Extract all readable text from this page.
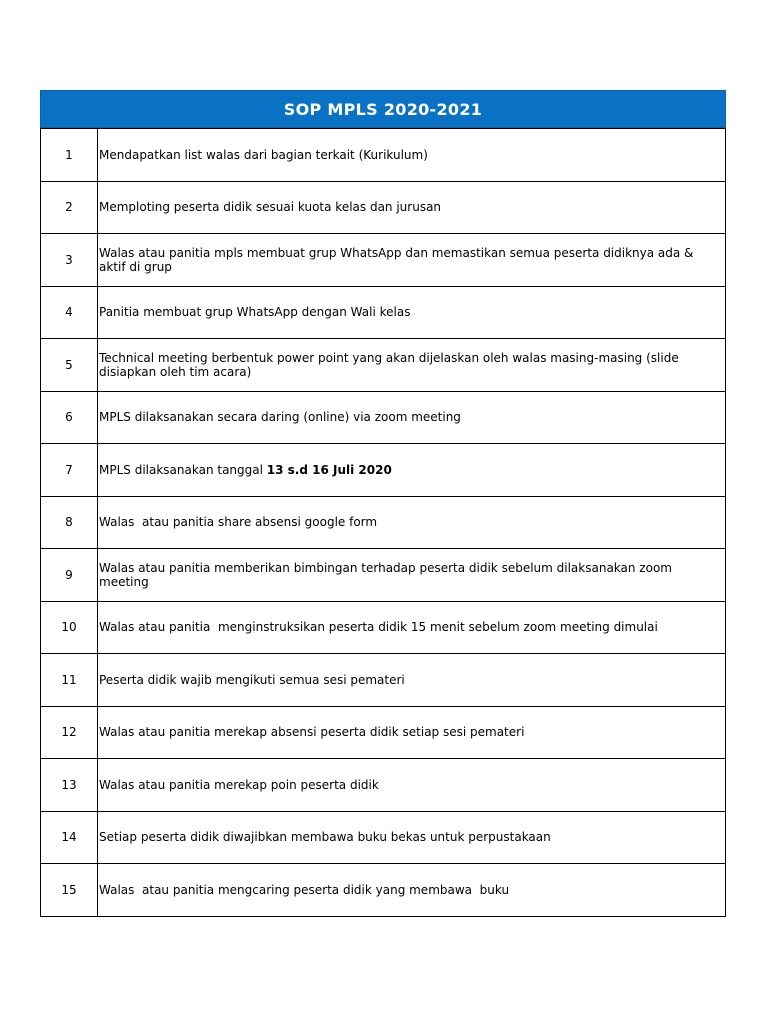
SOP MPLS 2020-2021
1	Mendapatkan list walas dari bagian terkait (Kurikulum)
2	Memploting peserta didik sesuai kuota kelas dan jurusan
3	Walas atau panitia mpls membuat grup WhatsApp dan memastikan semua peserta didiknya ada & aktif di grup
4	Panitia membuat grup WhatsApp dengan Wali kelas
5	Technical meeting berbentuk power point yang akan dijelaskan oleh walas masing-masing (slide disiapkan oleh tim acara)
6	MPLS dilaksanakan secara daring (online) via zoom meeting
7	MPLS dilaksanakan tanggal 13 s.d 16 Juli 2020
8	Walas  atau panitia share absensi google form
9	Walas atau panitia memberikan bimbingan terhadap peserta didik sebelum dilaksanakan zoom meeting
10	Walas atau panitia  menginstruksikan peserta didik 15 menit sebelum zoom meeting dimulai
11	Peserta didik wajib mengikuti semua sesi pemateri
12	Walas atau panitia merekap absensi peserta didik setiap sesi pemateri
13	Walas atau panitia merekap poin peserta didik
14	Setiap peserta didik diwajibkan membawa buku bekas untuk perpustakaan
15	Walas  atau panitia mengcaring peserta didik yang membawa  buku
